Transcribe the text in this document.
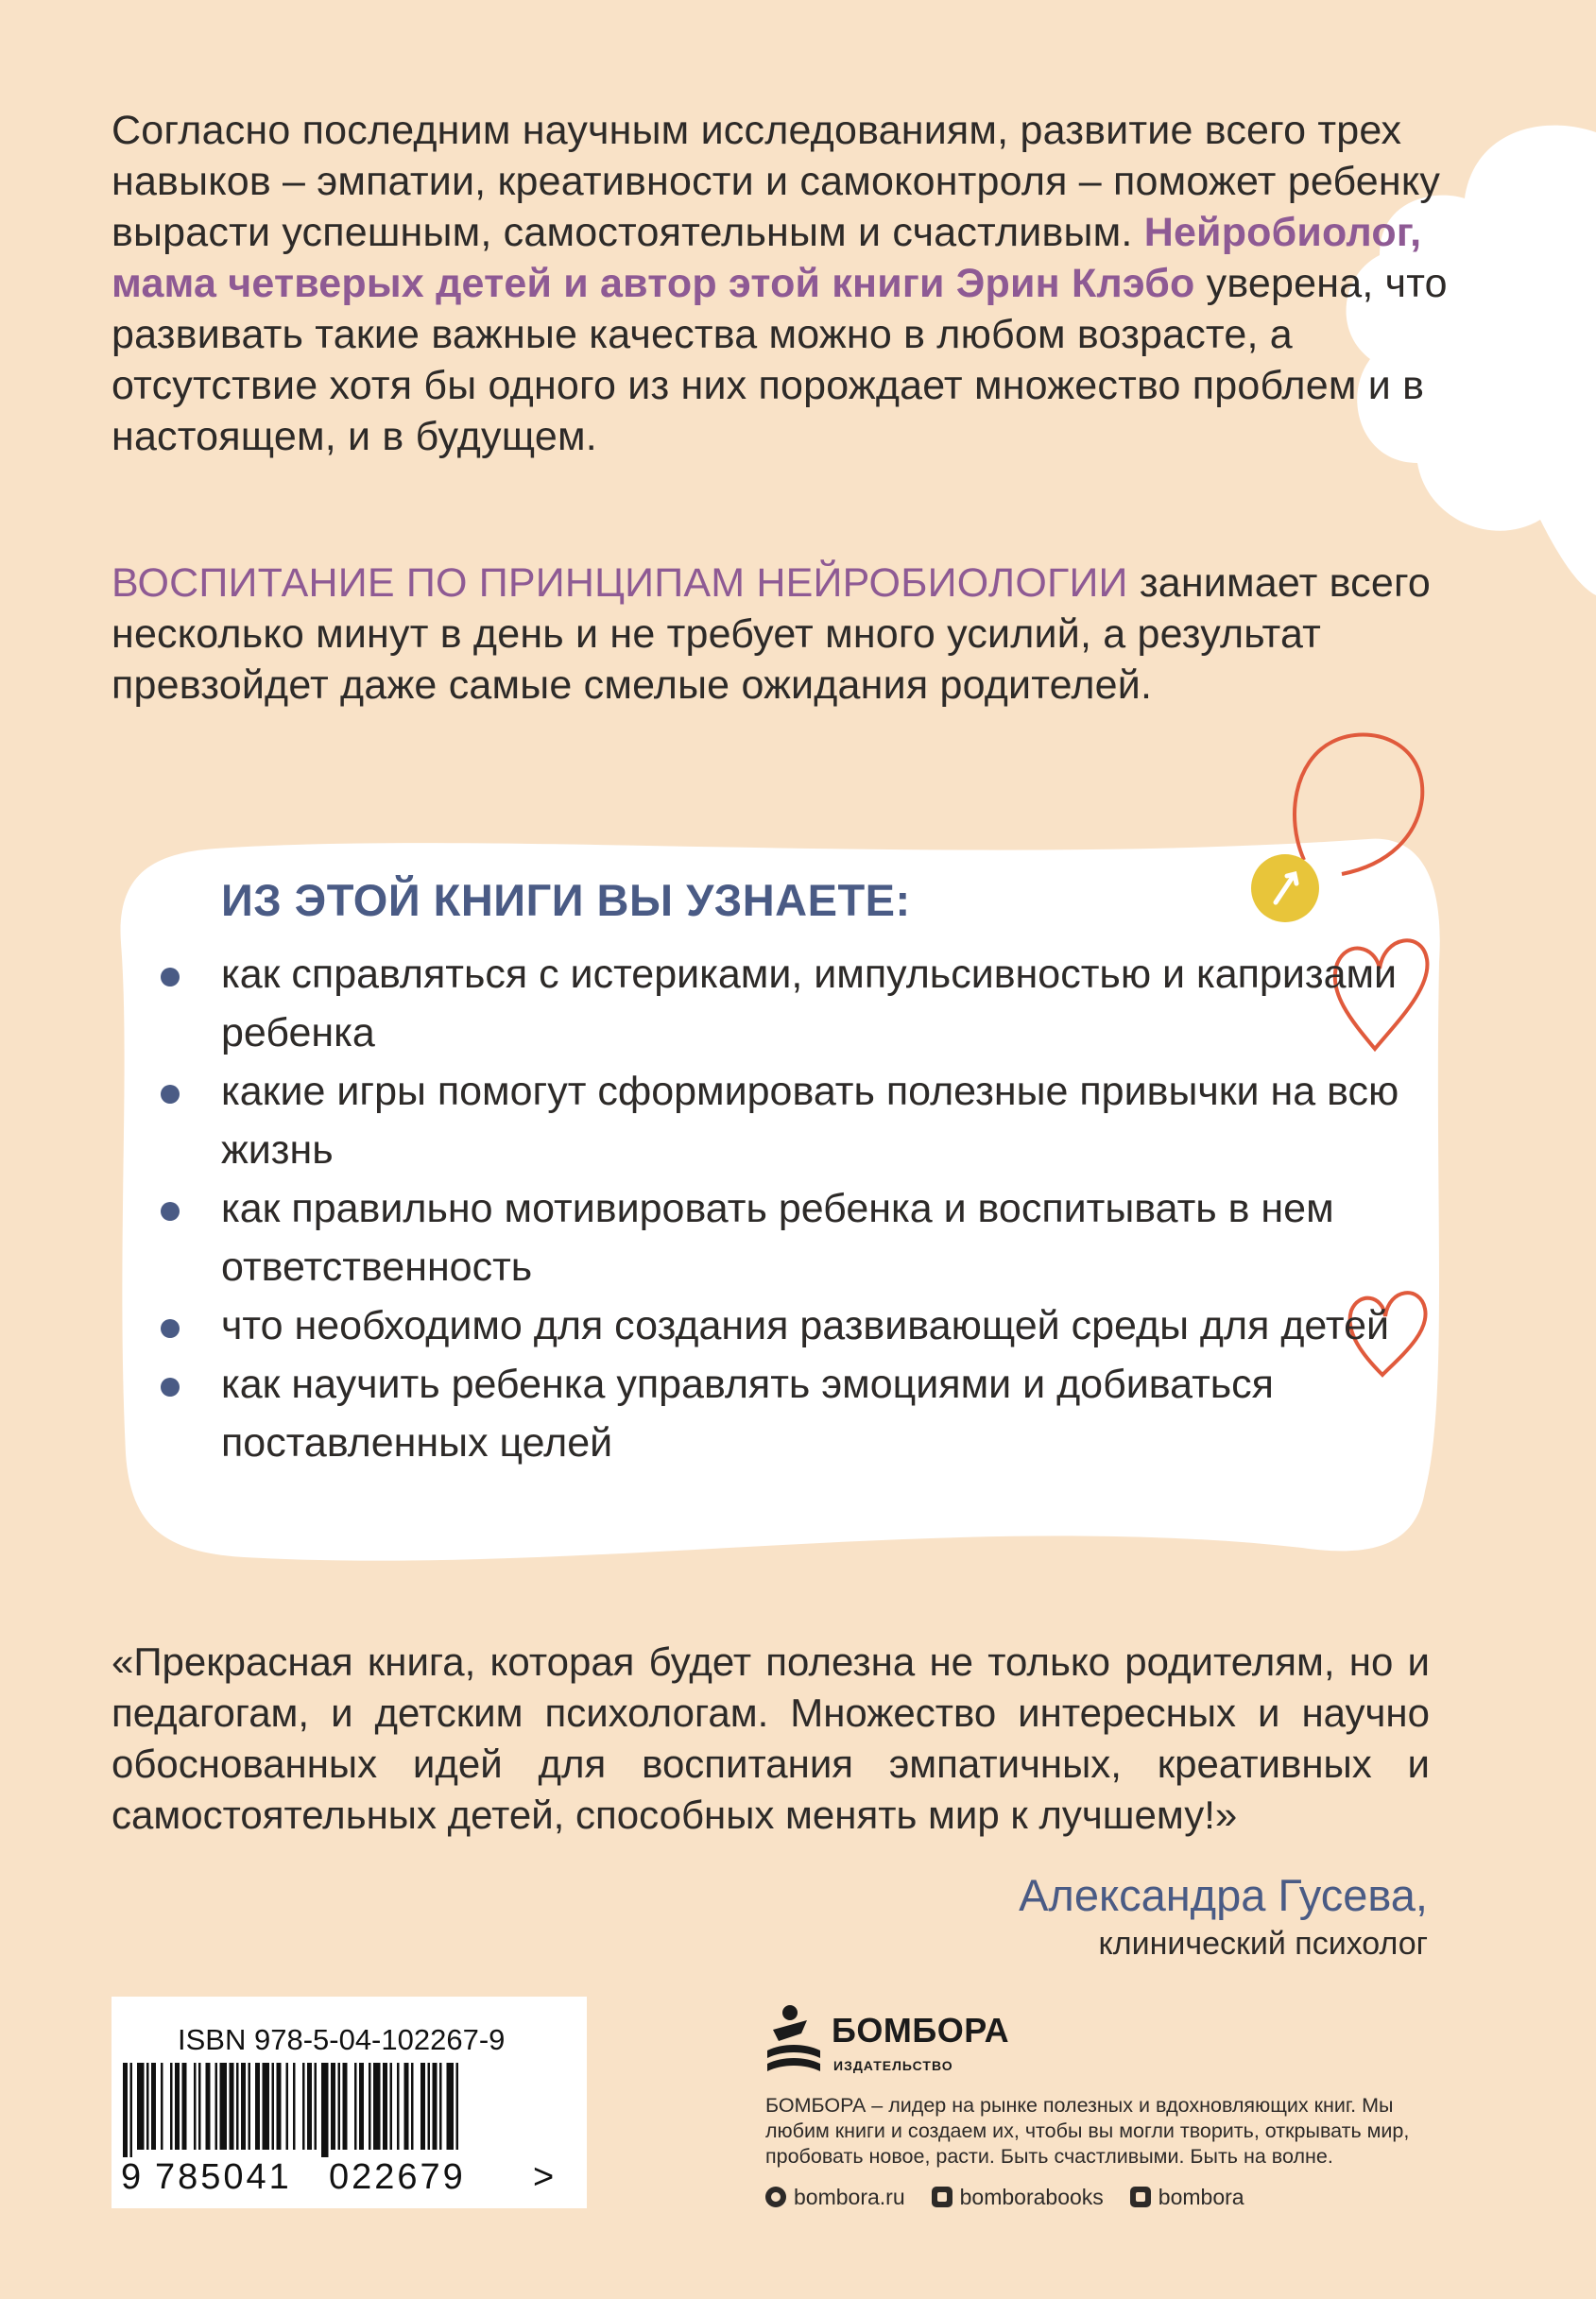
Согласно последним научным исследованиям, развитие всего трех навыков – эмпатии, креативности и самоконтроля – поможет ребенку вырасти успешным, самостоятельным и счастливым. Нейробиолог, мама четверых детей и автор этой книги Эрин Клэбо уверена, что развивать такие важные качества можно в любом возрасте, а отсутствие хотя бы одного из них порождает множество проблем и в настоящем, и в будущем.
ВОСПИТАНИЕ ПО ПРИНЦИПАМ НЕЙРОБИОЛОГИИ занимает всего несколько минут в день и не требует много усилий, а результат превзойдет даже самые смелые ожидания родителей.
ИЗ ЭТОЙ КНИГИ ВЫ УЗНАЕТЕ:
как справляться с истериками, импульсивностью и капризами ребенка
какие игры помогут сформировать полезные привычки на всю жизнь
как правильно мотивировать ребенка и воспитывать в нем ответственность
что необходимо для создания развивающей среды для детей
как научить ребенка управлять эмоциями и добиваться поставленных целей
«Прекрасная книга, которая будет полезна не только родителям, но и педагогам, и детским психологам. Множество интересных и научно обоснованных идей для воспитания эмпатичных, креативных и самостоятельных детей, способных менять мир к лучшему!»
Александра Гусева,
клинический психолог
ISBN 978-5-04-102267-9
9 785041 022679 >
БОМБОРА
ИЗДАТЕЛЬСТВО
БОМБОРА – лидер на рынке полезных и вдохновляющих книг. Мы любим книги и создаем их, чтобы вы могли творить, открывать мир, пробовать новое, расти. Быть счастливыми. Быть на волне.
bombora.ru	bomborabooks	bombora
